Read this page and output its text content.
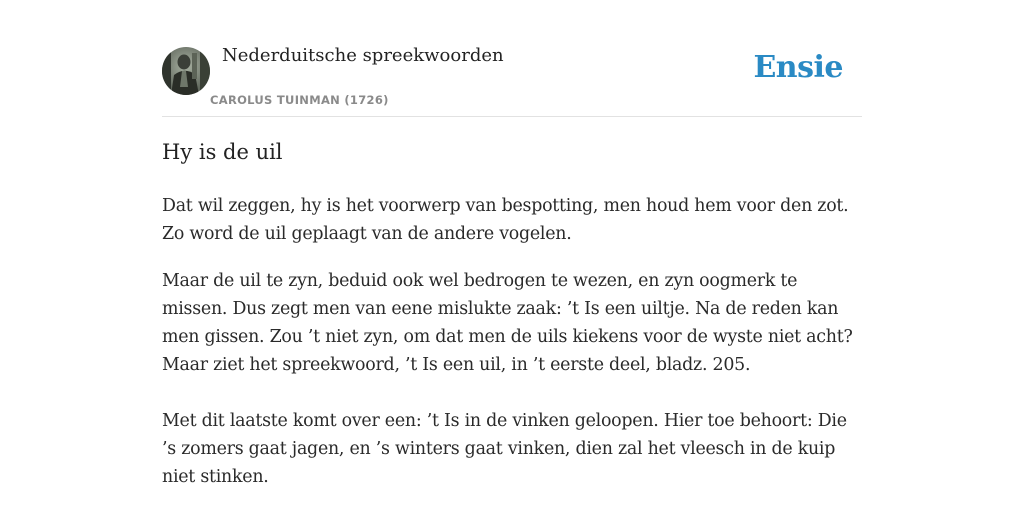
Nederduitsche spreekwoorden
CAROLUS TUINMAN (1726)
Ensie
Hy is de uil

Dat wil zeggen, hy is het voorwerp van bespotting, men houd hem voor den zot. Zo word de uil geplaagt van de andere vogelen.

Maar de uil te zyn, beduid ook wel bedrogen te wezen, en zyn oogmerk te missen. Dus zegt men van eene mislukte zaak: ’t Is een uiltje. Na de reden kan men gissen. Zou ’t niet zyn, om dat men de uils kiekens voor de wyste niet acht? Maar ziet het spreekwoord, ’t Is een uil, in ’t eerste deel, bladz. 205.

Met dit laatste komt over een: ’t Is in de vinken geloopen. Hier toe behoort: Die ’s zomers gaat jagen, en ’s winters gaat vinken, dien zal het vleesch in de kuip niet stinken.
